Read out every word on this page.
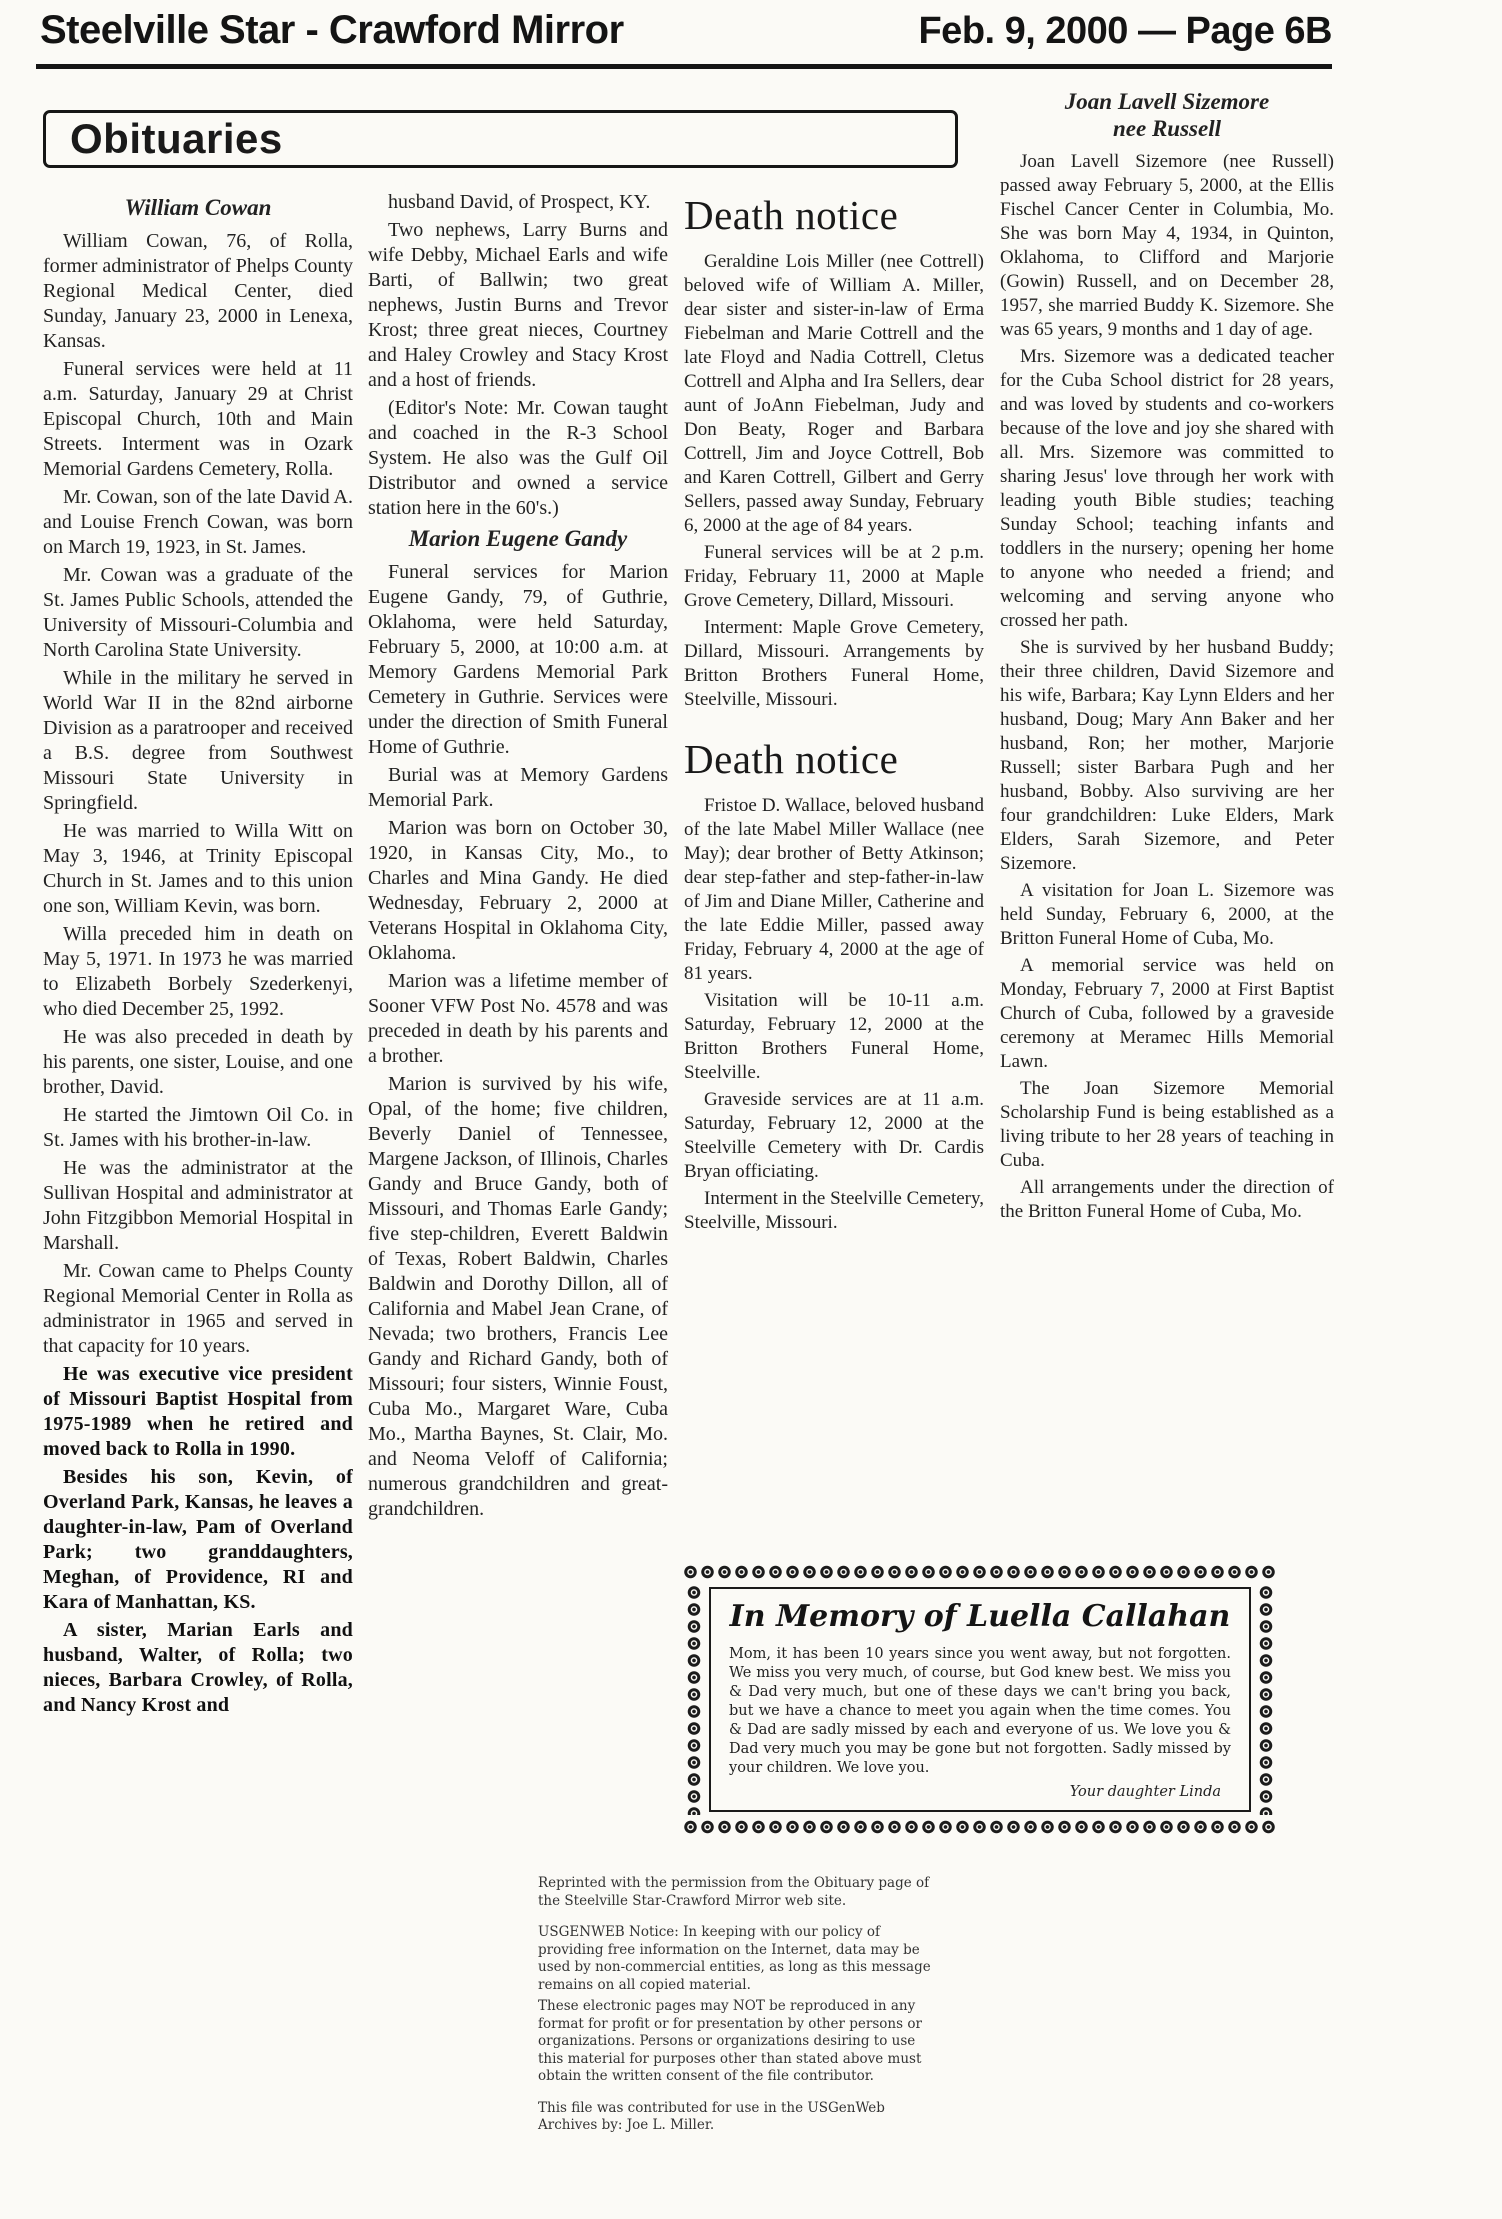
Steelville Star - Crawford Mirror	Feb. 9, 2000 — Page 6B
Obituaries
William Cowan

William Cowan, 76, of Rolla, former administrator of Phelps County Regional Medical Center, died Sunday, January 23, 2000 in Lenexa, Kansas.

Funeral services were held at 11 a.m. Saturday, January 29 at Christ Episcopal Church, 10th and Main Streets. Interment was in Ozark Memorial Gardens Cemetery, Rolla.

Mr. Cowan, son of the late David A. and Louise French Cowan, was born on March 19, 1923, in St. James.

Mr. Cowan was a graduate of the St. James Public Schools, attended the University of Missouri-Columbia and North Carolina State University.

While in the military he served in World War II in the 82nd airborne Division as a paratrooper and received a B.S. degree from Southwest Missouri State University in Springfield.

He was married to Willa Witt on May 3, 1946, at Trinity Episcopal Church in St. James and to this union one son, William Kevin, was born.

Willa preceded him in death on May 5, 1971. In 1973 he was married to Elizabeth Borbely Szederkenyi, who died December 25, 1992.

He was also preceded in death by his parents, one sister, Louise, and one brother, David.

He started the Jimtown Oil Co. in St. James with his brother-in-law.

He was the administrator at the Sullivan Hospital and administrator at John Fitzgibbon Memorial Hospital in Marshall.

Mr. Cowan came to Phelps County Regional Memorial Center in Rolla as administrator in 1965 and served in that capacity for 10 years.

He was executive vice president of Missouri Baptist Hospital from 1975-1989 when he retired and moved back to Rolla in 1990.

Besides his son, Kevin, of Overland Park, Kansas, he leaves a daughter-in-law, Pam of Overland Park; two granddaughters, Meghan, of Providence, RI and Kara of Manhattan, KS.

A sister, Marian Earls and husband, Walter, of Rolla; two nieces, Barbara Crowley, of Rolla, and Nancy Krost and

husband David, of Prospect, KY.

Two nephews, Larry Burns and wife Debby, Michael Earls and wife Barti, of Ballwin; two great nephews, Justin Burns and Trevor Krost; three great nieces, Courtney and Haley Crowley and Stacy Krost and a host of friends.

(Editor's Note: Mr. Cowan taught and coached in the R-3 School System. He also was the Gulf Oil Distributor and owned a service station here in the 60's.)

Marion Eugene Gandy

Funeral services for Marion Eugene Gandy, 79, of Guthrie, Oklahoma, were held Saturday, February 5, 2000, at 10:00 a.m. at Memory Gardens Memorial Park Cemetery in Guthrie. Services were under the direction of Smith Funeral Home of Guthrie.

Burial was at Memory Gardens Memorial Park.

Marion was born on October 30, 1920, in Kansas City, Mo., to Charles and Mina Gandy. He died Wednesday, February 2, 2000 at Veterans Hospital in Oklahoma City, Oklahoma.

Marion was a lifetime member of Sooner VFW Post No. 4578 and was preceded in death by his parents and a brother.

Marion is survived by his wife, Opal, of the home; five children, Beverly Daniel of Tennessee, Margene Jackson, of Illinois, Charles Gandy and Bruce Gandy, both of Missouri, and Thomas Earle Gandy; five step-children, Everett Baldwin of Texas, Robert Baldwin, Charles Baldwin and Dorothy Dillon, all of California and Mabel Jean Crane, of Nevada; two brothers, Francis Lee Gandy and Richard Gandy, both of Missouri; four sisters, Winnie Foust, Cuba Mo., Margaret Ware, Cuba Mo., Martha Baynes, St. Clair, Mo. and Neoma Veloff of California; numerous grandchildren and great-grandchildren.

Death notice

Geraldine Lois Miller (nee Cottrell) beloved wife of William A. Miller, dear sister and sister-in-law of Erma Fiebelman and Marie Cottrell and the late Floyd and Nadia Cottrell, Cletus Cottrell and Alpha and Ira Sellers, dear aunt of JoAnn Fiebelman, Judy and Don Beaty, Roger and Barbara Cottrell, Jim and Joyce Cottrell, Bob and Karen Cottrell, Gilbert and Gerry Sellers, passed away Sunday, February 6, 2000 at the age of 84 years.

Funeral services will be at 2 p.m. Friday, February 11, 2000 at Maple Grove Cemetery, Dillard, Missouri.

Interment: Maple Grove Cemetery, Dillard, Missouri. Arrangements by Britton Brothers Funeral Home, Steelville, Missouri.

Death notice

Fristoe D. Wallace, beloved husband of the late Mabel Miller Wallace (nee May); dear brother of Betty Atkinson; dear step-father and step-father-in-law of Jim and Diane Miller, Catherine and the late Eddie Miller, passed away Friday, February 4, 2000 at the age of 81 years.

Visitation will be 10-11 a.m. Saturday, February 12, 2000 at the Britton Brothers Funeral Home, Steelville.

Graveside services are at 11 a.m. Saturday, February 12, 2000 at the Steelville Cemetery with Dr. Cardis Bryan officiating.

Interment in the Steelville Cemetery, Steelville, Missouri.

Joan Lavell Sizemore
nee Russell

Joan Lavell Sizemore (nee Russell) passed away February 5, 2000, at the Ellis Fischel Cancer Center in Columbia, Mo. She was born May 4, 1934, in Quinton, Oklahoma, to Clifford and Marjorie (Gowin) Russell, and on December 28, 1957, she married Buddy K. Sizemore. She was 65 years, 9 months and 1 day of age.

Mrs. Sizemore was a dedicated teacher for the Cuba School district for 28 years, and was loved by students and co-workers because of the love and joy she shared with all. Mrs. Sizemore was committed to sharing Jesus' love through her work with leading youth Bible studies; teaching Sunday School; teaching infants and toddlers in the nursery; opening her home to anyone who needed a friend; and welcoming and serving anyone who crossed her path.

She is survived by her husband Buddy; their three children, David Sizemore and his wife, Barbara; Kay Lynn Elders and her husband, Doug; Mary Ann Baker and her husband, Ron; her mother, Marjorie Russell; sister Barbara Pugh and her husband, Bobby. Also surviving are her four grandchildren: Luke Elders, Mark Elders, Sarah Sizemore, and Peter Sizemore.

A visitation for Joan L. Sizemore was held Sunday, February 6, 2000, at the Britton Funeral Home of Cuba, Mo.

A memorial service was held on Monday, February 7, 2000 at First Baptist Church of Cuba, followed by a graveside ceremony at Meramec Hills Memorial Lawn.

The Joan Sizemore Memorial Scholarship Fund is being established as a living tribute to her 28 years of teaching in Cuba.

All arrangements under the direction of the Britton Funeral Home of Cuba, Mo.

In Memory of Luella Callahan
Mom, it has been 10 years since you went away, but not forgotten. We miss you very much, of course, but God knew best. We miss you & Dad very much, but one of these days we can't bring you back, but we have a chance to meet you again when the time comes. You & Dad are sadly missed by each and everyone of us. We love you & Dad very much you may be gone but not forgotten. Sadly missed by your children. We love you.
Your daughter Linda

Reprinted with the permission from the Obituary page of the Steelville Star-Crawford Mirror web site.

USGENWEB Notice: In keeping with our policy of providing free information on the Internet, data may be used by non-commercial entities, as long as this message remains on all copied material.

These electronic pages may NOT be reproduced in any format for profit or for presentation by other persons or organizations. Persons or organizations desiring to use this material for purposes other than stated above must obtain the written consent of the file contributor.

This file was contributed for use in the USGenWeb Archives by: Joe L. Miller.
